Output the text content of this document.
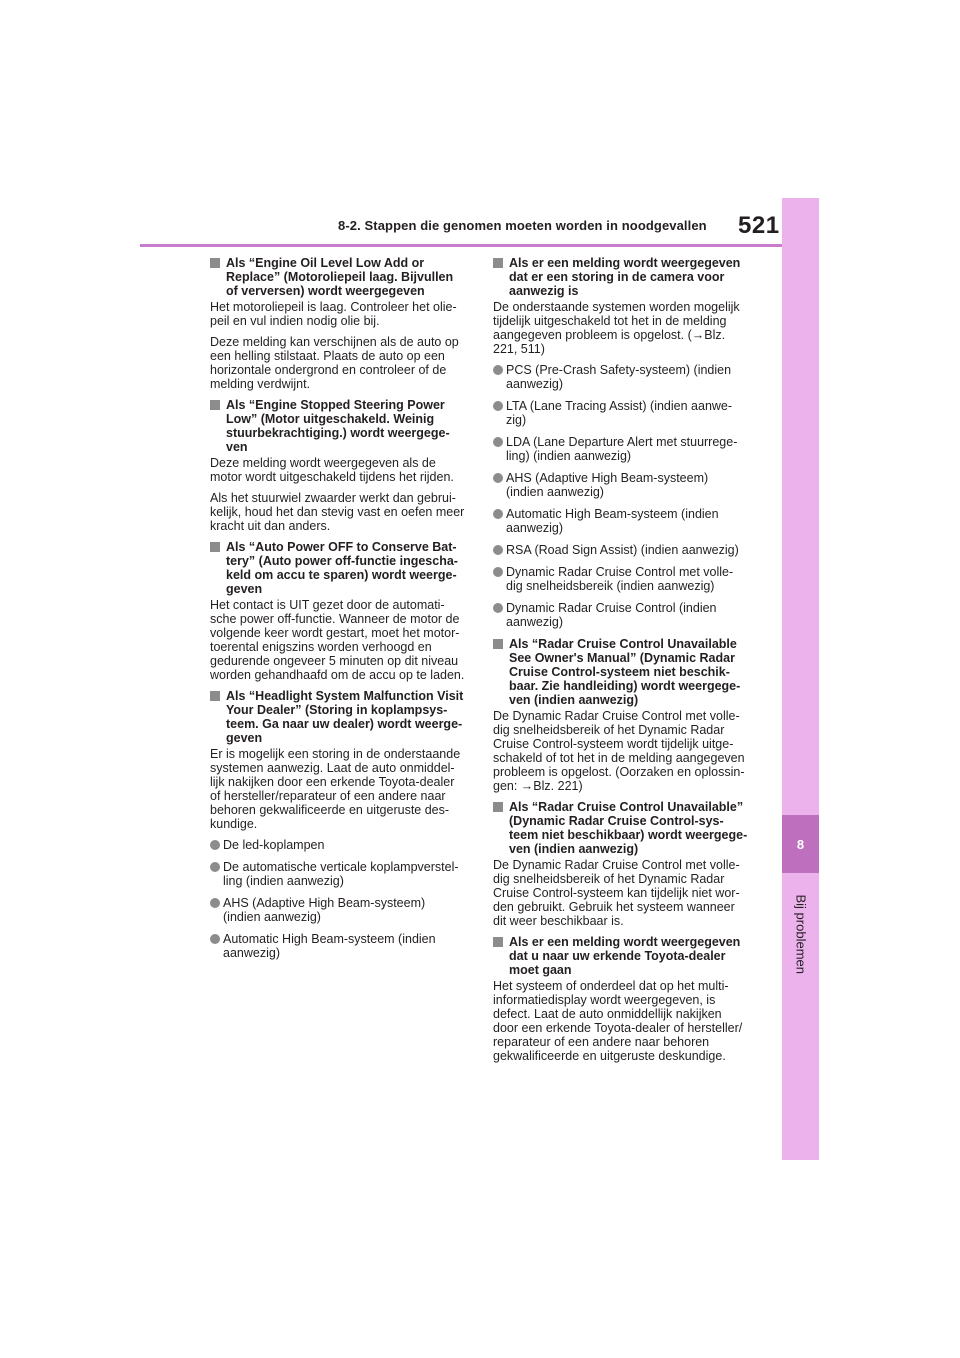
8-2. Stappen die genomen moeten worden in noodgevallen 521
8
Bij problemen
Als “Engine Oil Level Low Add or Replace” (Motoroliepeil laag. Bijvullen of verversen) wordt weergegeven
Het motoroliepeil is laag. Controleer het olie-peil en vul indien nodig olie bij.
Deze melding kan verschijnen als de auto op een helling stilstaat. Plaats de auto op een horizontale ondergrond en controleer of de melding verdwijnt.
Als “Engine Stopped Steering Power Low” (Motor uitgeschakeld. Weinig stuurbekrachtiging.) wordt weergege-ven
Deze melding wordt weergegeven als de motor wordt uitgeschakeld tijdens het rijden.
Als het stuurwiel zwaarder werkt dan gebrui-kelijk, houd het dan stevig vast en oefen meer kracht uit dan anders.
Als “Auto Power OFF to Conserve Bat-tery” (Auto power off-functie ingescha-keld om accu te sparen) wordt weerge-geven
Het contact is UIT gezet door de automati-sche power off-functie. Wanneer de motor de volgende keer wordt gestart, moet het motor-toerental enigszins worden verhoogd en gedurende ongeveer 5 minuten op dit niveau worden gehandhaafd om de accu op te laden.
Als “Headlight System Malfunction Visit Your Dealer” (Storing in koplampsys-teem. Ga naar uw dealer) wordt weerge-geven
Er is mogelijk een storing in de onderstaande systemen aanwezig. Laat de auto onmiddel-lijk nakijken door een erkende Toyota-dealer of hersteller/reparateur of een andere naar behoren gekwalificeerde en uitgeruste des-kundige.
De led-koplampen
De automatische verticale koplampverstel-ling (indien aanwezig)
AHS (Adaptive High Beam-systeem) (indien aanwezig)
Automatic High Beam-systeem (indien aanwezig)
Als er een melding wordt weergegeven dat er een storing in de camera voor aanwezig is
De onderstaande systemen worden mogelijk tijdelijk uitgeschakeld tot het in de melding aangegeven probleem is opgelost. (→Blz. 221, 511)
PCS (Pre-Crash Safety-systeem) (indien aanwezig)
LTA (Lane Tracing Assist) (indien aanwe-zig)
LDA (Lane Departure Alert met stuurrege-ling) (indien aanwezig)
AHS (Adaptive High Beam-systeem) (indien aanwezig)
Automatic High Beam-systeem (indien aanwezig)
RSA (Road Sign Assist) (indien aanwezig)
Dynamic Radar Cruise Control met volle-dig snelheidsbereik (indien aanwezig)
Dynamic Radar Cruise Control (indien aanwezig)
Als “Radar Cruise Control Unavailable See Owner's Manual” (Dynamic Radar Cruise Control-systeem niet beschik-baar. Zie handleiding) wordt weergege-ven (indien aanwezig)
De Dynamic Radar Cruise Control met volle-dig snelheidsbereik of het Dynamic Radar Cruise Control-systeem wordt tijdelijk uitge-schakeld of tot het in de melding aangegeven probleem is opgelost. (Oorzaken en oplossin-gen: →Blz. 221)
Als “Radar Cruise Control Unavailable” (Dynamic Radar Cruise Control-sys-teem niet beschikbaar) wordt weergege-ven (indien aanwezig)
De Dynamic Radar Cruise Control met volle-dig snelheidsbereik of het Dynamic Radar Cruise Control-systeem kan tijdelijk niet wor-den gebruikt. Gebruik het systeem wanneer dit weer beschikbaar is.
Als er een melding wordt weergegeven dat u naar uw erkende Toyota-dealer moet gaan
Het systeem of onderdeel dat op het multi-informatiedisplay wordt weergegeven, is defect. Laat de auto onmiddellijk nakijken door een erkende Toyota-dealer of hersteller/ reparateur of een andere naar behoren gekwalificeerde en uitgeruste deskundige.
